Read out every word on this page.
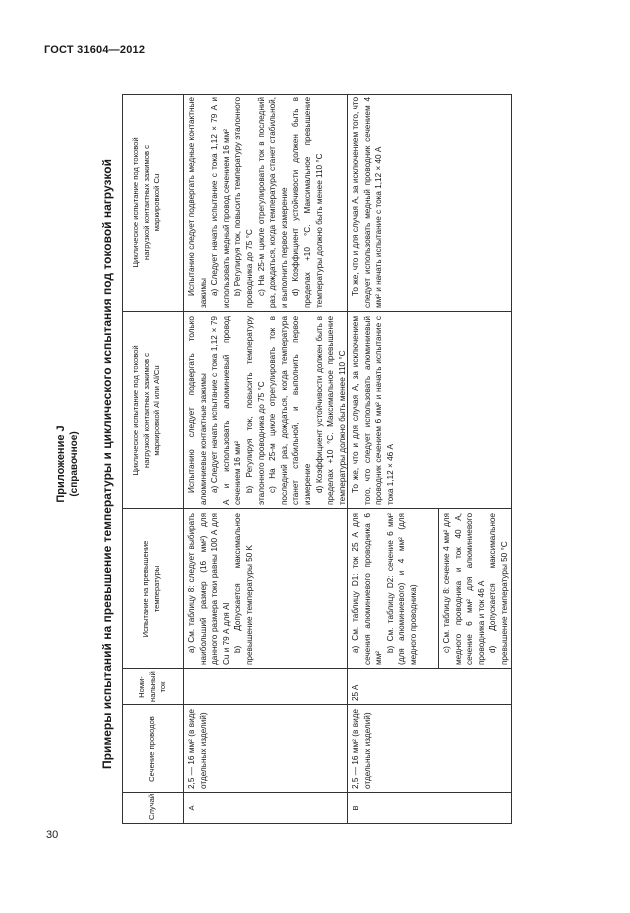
ГОСТ 31604—2012
30
Приложение J (справочное) Примеры испытаний на превышение температуры и циклического испытания под токовой нагрузкой
Случай
Сечение проводов
Номи-нальный ток
Испытание на превышение температуры
Циклическое испытание под токовой нагрузкой контактных зажимов с маркировкой Al или Al/Cu
Циклическое испытание под токовой нагрузкой контактных зажимов с маркировкой Cu
A
2,5 — 16 мм² (в виде отдельных изделий)

a) См. таблицу 8: следует выбирать наибольший размер (16 мм²) для данного размера токи равны 100 А для Cu и 79 А для Al b) Допускается максимальное превышение температуры 50 K

Испытанию следует подвергать только алюминиевые контактные зажимы a) Следует начать испытание с тока 1,12 × 79 A и использовать алюминиевый провод сечением 16 мм² b) Регулируя ток, повысить температуру эталонного проводника до 75 °С c) На 25-м цикле отрегулировать ток в последний раз, дождаться, когда температура станет стабильной, и выполнить первое измерение d) Коэффициент устойчивости должен быть в пределах +10 °С. Максимальное превышение температуры должно быть менее 110 °С

Испытанию следует подвергать медные контактные зажимы a) Следует начать испытание с тока 1,12 × 79 А и использовать медный провод сечением 16 мм² b) Регулируя ток, повысить температуру эталонного проводника до 75 °С c) На 25-м цикле отрегулировать ток в последний раз, дождаться, когда температура станет стабильной, и выполнить первое измерение d) Коэффициент устойчивости должен быть в пределах +10 °С. Максимальное превышение температуры должно быть менее 110 °С

B
2,5 — 16 мм² (в виде отдельных изделий)
25 A

a) См. таблицу D1: ток 25 А для сечения алюминиевого проводника 6 мм²

b) См. таблицу D2: сечение 6 мм² (для алюминиевого) и 4 мм² (для медного проводника)	c) См. таблицу 8: сечение 4 мм² для медного проводника и ток 40 A, сечение 6 мм² для алюминиевого проводника и ток 46 A d) Допускается максимальное превышение температуры 50 °С

То же, что и для случая А, за исключением того, что следует использовать алюминиевый проводник сечением 6 мм² и начать испытание с тока 1,12 × 46 А

То же, что и для случая А, за исключением того, что следует использовать медный проводник сечением 4 мм² и начать испытание с тока 1,12 × 40 А
